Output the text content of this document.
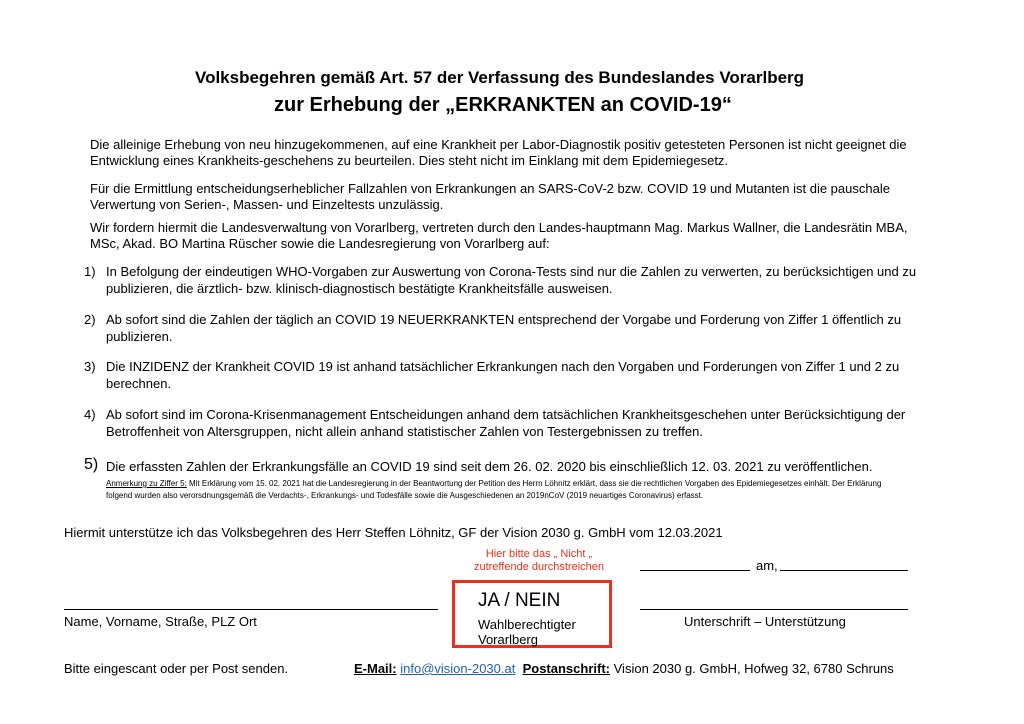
Volksbegehren gemäß Art. 57 der Verfassung des Bundeslandes Vorarlberg
zur Erhebung der „ERKRANKTEN an COVID-19“
Die alleinige Erhebung von neu hinzugekommenen, auf eine Krankheit per Labor-Diagnostik positiv getesteten Personen ist nicht geeignet die Entwicklung eines Krankheits-geschehens zu beurteilen. Dies steht nicht im Einklang mit dem Epidemiegesetz.
Für die Ermittlung entscheidungserheblicher Fallzahlen von Erkrankungen an SARS-CoV-2 bzw. COVID 19 und Mutanten ist die pauschale Verwertung von Serien-, Massen- und Einzeltests unzulässig.
Wir fordern hiermit die Landesverwaltung von Vorarlberg, vertreten durch den Landes-hauptmann Mag. Markus Wallner, die Landesrätin MBA, MSc, Akad. BO Martina Rüscher sowie die Landesregierung von Vorarlberg auf:
1) In Befolgung der eindeutigen WHO-Vorgaben zur Auswertung von Corona-Tests sind nur die Zahlen zu verwerten, zu berücksichtigen und zu publizieren, die ärztlich- bzw. klinisch-diagnostisch bestätigte Krankheitsfälle ausweisen.
2) Ab sofort sind die Zahlen der täglich an COVID 19 NEUERKRANKTEN entsprechend der Vorgabe und Forderung von Ziffer 1 öffentlich zu publizieren.
3) Die INZIDENZ der Krankheit COVID 19 ist anhand tatsächlicher Erkrankungen nach den Vorgaben und Forderungen von Ziffer 1 und 2 zu berechnen.
4) Ab sofort sind im Corona-Krisenmanagement Entscheidungen anhand dem tatsächlichen Krankheitsgeschehen unter Berücksichtigung der Betroffenheit von Altersgruppen, nicht allein anhand statistischer Zahlen von Testergebnissen zu treffen.
5) Die erfassten Zahlen der Erkrankungsfälle an COVID 19 sind seit dem 26. 02. 2020 bis einschließlich 12. 03. 2021 zu veröffentlichen.
Anmerkung zu Ziffer 5: Mit Erklärung vom 15. 02. 2021 hat die Landesregierung in der Beantwortung der Petition des Herrn Löhnitz erklärt, dass sie die rechtlichen Vorgaben des Epidemiegesetzes einhält. Der Erklärung folgend wurden also verorsdnungsgemäß die Verdachts-, Erkrankungs- und Todesfälle sowie die Ausgeschiedenen an 2019nCoV (2019 neuartiges Coronavirus) erfasst.
Hiermit unterstütze ich das Volksbegehren des Herr Steffen Löhnitz, GF der Vision 2030 g. GmbH vom 12.03.2021
Hier bitte das „ Nicht „
zutreffende durchstreichen	am,
JA / NEIN
Wahlberechtigter
Vorarlberg
Name, Vorname, Straße, PLZ Ort	Unterschrift – Unterstützung
Bitte eingescant oder per Post senden.	E-Mail: info@vision-2030.at Postanschrift: Vision 2030 g. GmbH, Hofweg 32, 6780 Schruns
